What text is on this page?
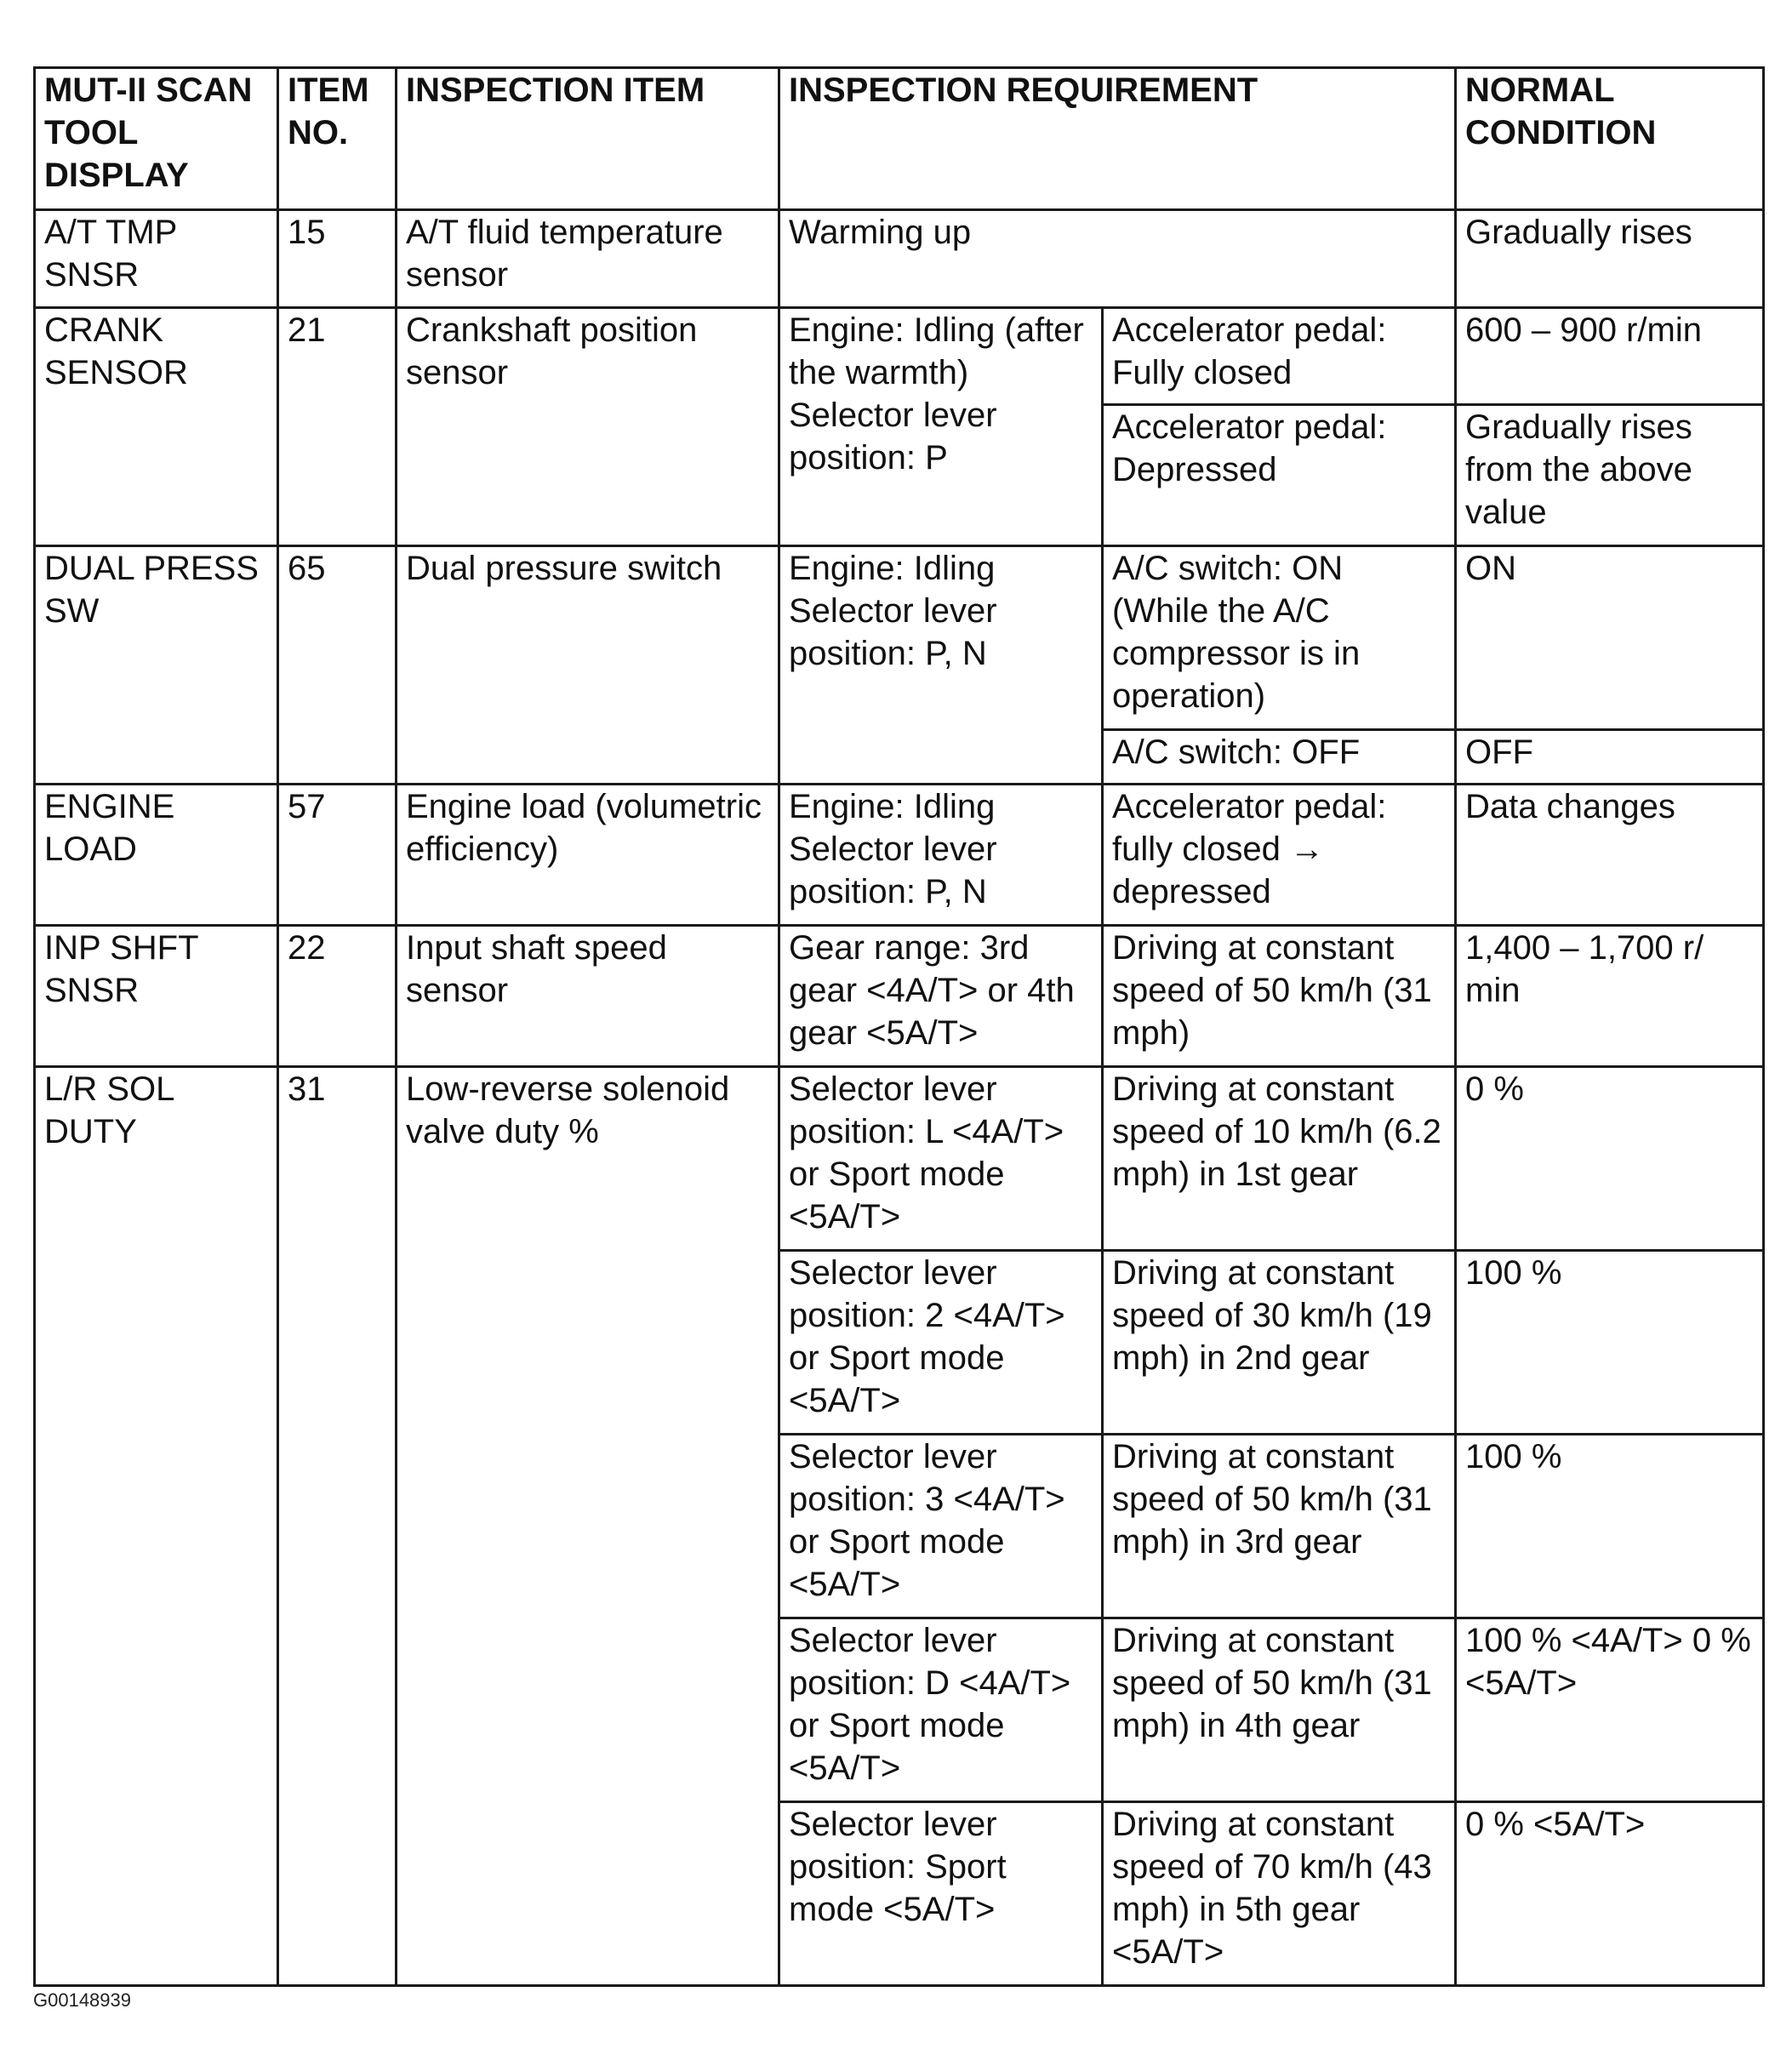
MUT-II SCAN TOOL DISPLAY	ITEM NO.	INSPECTION ITEM	INSPECTION REQUIREMENT		NORMAL CONDITION
A/T TMP SNSR	15	A/T fluid temperature sensor	Warming up		Gradually rises
CRANK SENSOR	21	Crankshaft position sensor	Engine: Idling (after the warmth) Selector lever position: P	Accelerator pedal: Fully closed	600 – 900 r/min
				Accelerator pedal: Depressed	Gradually rises from the above value
DUAL PRESS SW	65	Dual pressure switch	Engine: Idling Selector lever position: P, N	A/C switch: ON (While the A/C compressor is in operation)	ON
				A/C switch: OFF	OFF
ENGINE LOAD	57	Engine load (volumetric efficiency)	Engine: Idling Selector lever position: P, N	Accelerator pedal: fully closed → depressed	Data changes
INP SHFT SNSR	22	Input shaft speed sensor	Gear range: 3rd gear <4A/T> or 4th gear <5A/T>	Driving at constant speed of 50 km/h (31 mph)	1,400 – 1,700 r/ min
L/R SOL DUTY	31	Low-reverse solenoid valve duty %	Selector lever position: L <4A/T> or Sport mode <5A/T>	Driving at constant speed of 10 km/h (6.2 mph) in 1st gear	0 %
			Selector lever position: 2 <4A/T> or Sport mode <5A/T>	Driving at constant speed of 30 km/h (19 mph) in 2nd gear	100 %
			Selector lever position: 3 <4A/T> or Sport mode <5A/T>	Driving at constant speed of 50 km/h (31 mph) in 3rd gear	100 %
			Selector lever position: D <4A/T> or Sport mode <5A/T>	Driving at constant speed of 50 km/h (31 mph) in 4th gear	100 % <4A/T> 0 % <5A/T>
			Selector lever position: Sport mode <5A/T>	Driving at constant speed of 70 km/h (43 mph) in 5th gear <5A/T>	0 % <5A/T>
G00148939
